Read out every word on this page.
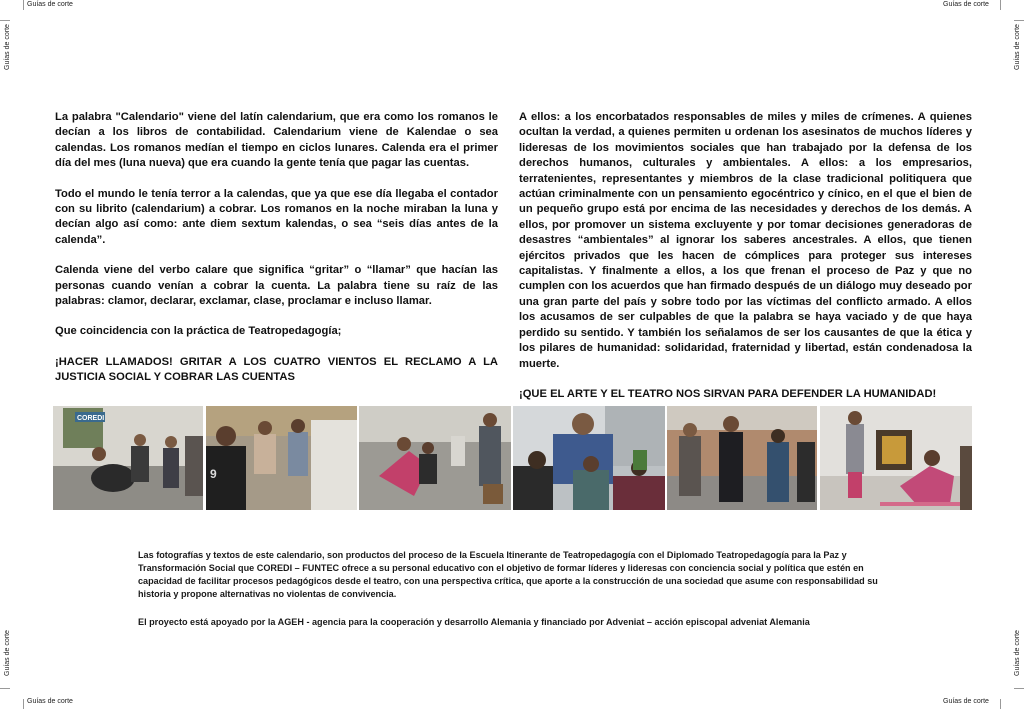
Guías de corte	Guías de corte
Guías de corte	Guías de corte
Guías de corte	Guías de corte
Guías de corte	Guías de corte

La palabra "Calendario" viene del latín calendarium, que era como los romanos le decían a los libros de contabilidad. Calendarium viene de Kalendae o sea calendas. Los romanos medían el tiempo en ciclos lunares. Calenda era el primer día del mes (luna nueva) que era cuando la gente tenía que pagar las cuentas.

Todo el mundo le tenía terror a la calendas, que ya que ese día llegaba el contador con su librito (calendarium) a cobrar. Los romanos en la noche miraban la luna y decían algo así como: ante diem sextum kalendas, o sea “seis días antes de la calenda”.

Calenda viene del verbo calare que significa “gritar” o “llamar” que hacían las personas cuando venían a cobrar la cuenta. La palabra tiene su raíz de las palabras: clamor, declarar, exclamar, clase, proclamar e incluso llamar.

Que coincidencia con la práctica de Teatropedagogía;

¡HACER LLAMADOS! GRITAR A LOS CUATRO VIENTOS EL RECLAMO A LA JUSTICIA SOCIAL Y COBRAR LAS CUENTAS

A ellos: a los encorbatados responsables de miles y miles de crímenes. A quienes ocultan la verdad, a quienes permiten u ordenan los asesinatos de muchos líderes y lideresas de los movimientos sociales que han trabajado por la defensa de los derechos humanos, culturales y ambientales. A ellos: a los empresarios, terratenientes, representantes y miembros de la clase tradicional politiquera que actúan criminalmente con un pensamiento egocéntrico y cínico, en el que el bien de un pequeño grupo está por encima de las necesidades y derechos de los demás. A ellos, por promover un sistema excluyente y por tomar decisiones generadoras de desastres “ambientales” al ignorar los saberes ancestrales. A ellos, que tienen ejércitos privados que les hacen de cómplices para proteger sus intereses capitalistas. Y finalmente a ellos, a los que frenan el proceso de Paz y que no cumplen con los acuerdos que han firmado después de un diálogo muy deseado por una gran parte del país y sobre todo por las víctimas del conflicto armado. A ellos los acusamos de ser culpables de que la palabra se haya vaciado y de que haya perdido su sentido. Y también los señalamos de ser los causantes de que la ética y los pilares de humanidad: solidaridad, fraternidad y libertad, están condenadosa la muerte.

¡QUE EL ARTE Y EL TEATRO NOS SIRVAN PARA DEFENDER LA HUMANIDAD!

COREDI
9
Las fotografías y textos de este calendario, son productos del proceso de la Escuela Itinerante de Teatropedagogía con el Diplomado Teatropedagogía para la Paz y Transformación Social que COREDI – FUNTEC ofrece a su personal educativo con el objetivo de formar líderes y lideresas con conciencia social y política que estén en capacidad de facilitar procesos pedagógicos desde el teatro, con una perspectiva crítica, que aporte a la construcción de una sociedad que asume con responsabilidad su historia y propone alternativas no violentas de convivencia.
El proyecto está apoyado por la AGEH - agencia para la cooperación y desarrollo Alemania y financiado por Adveniat – acción episcopal adveniat Alemania
